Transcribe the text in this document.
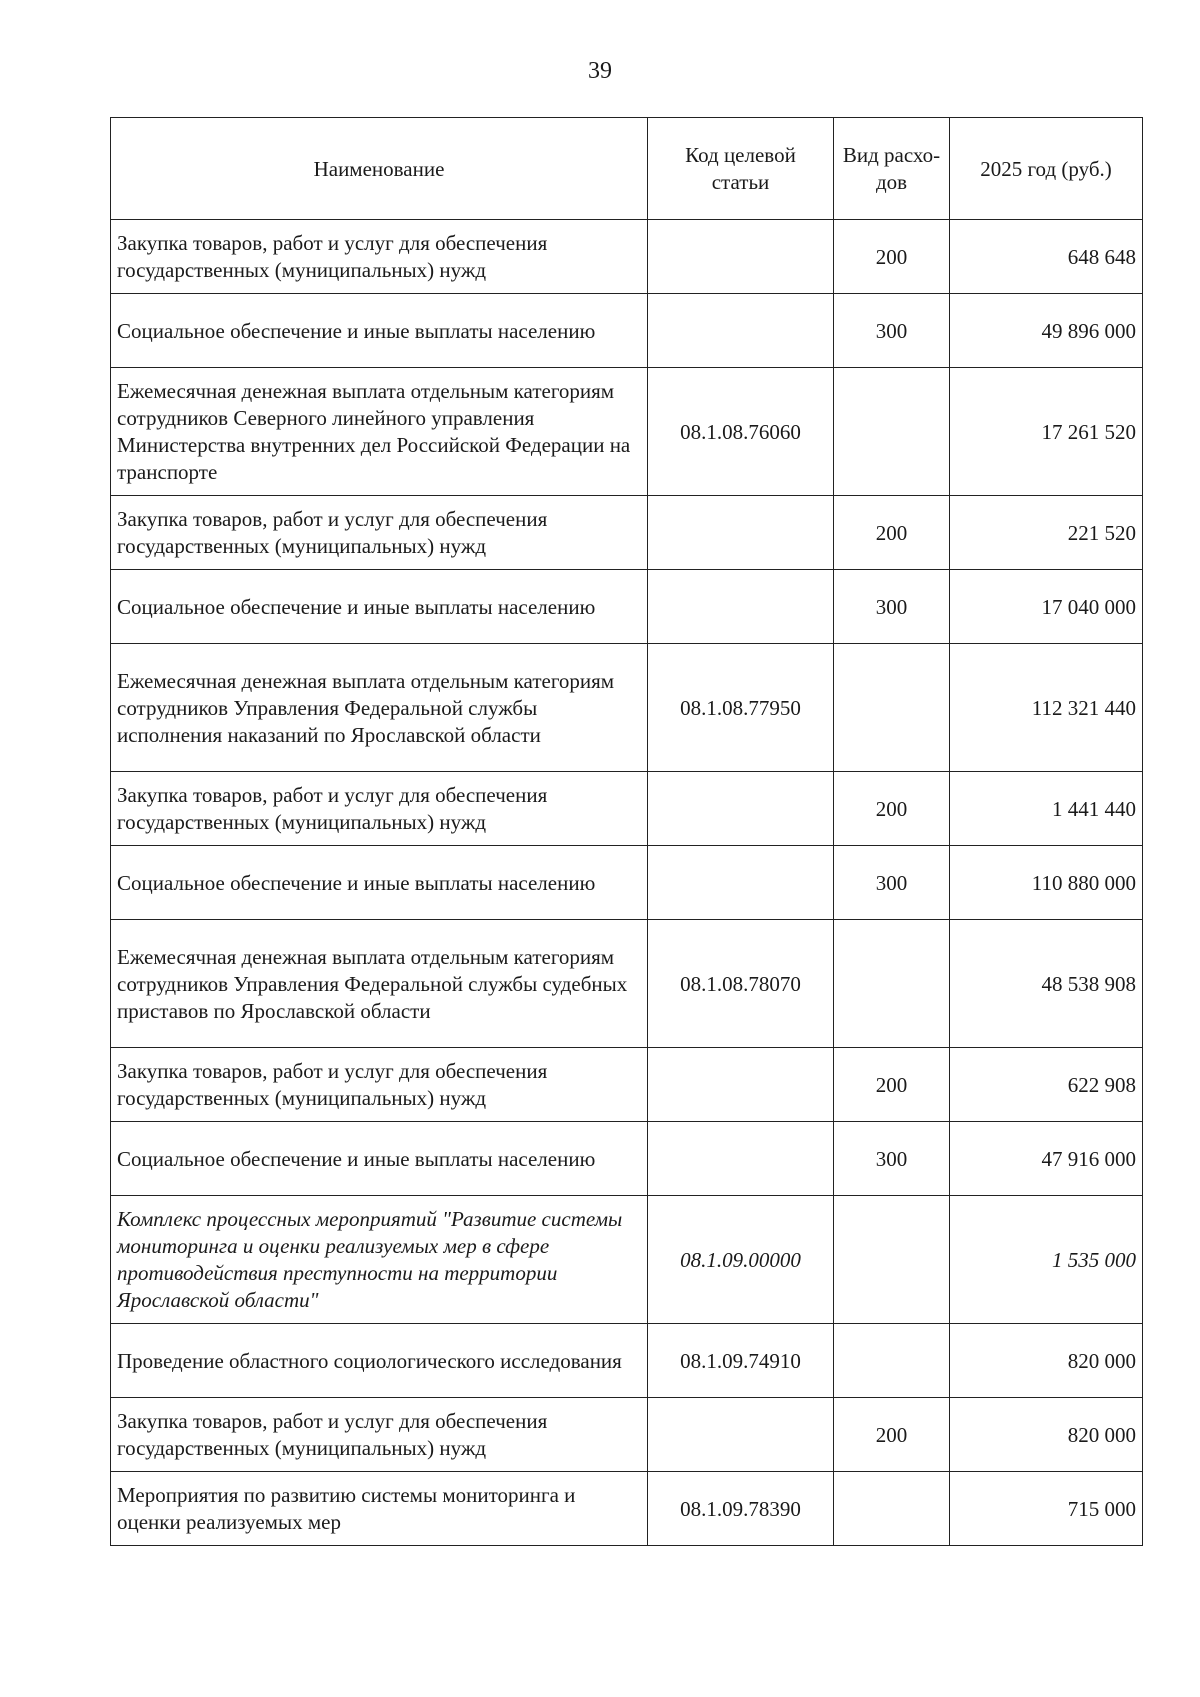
39
Наименование	Код целевой статьи	Вид расхо-дов	2025 год (руб.)
Закупка товаров, работ и услуг для обеспечения государственных (муниципальных) нужд		200	648 648
Социальное обеспечение и иные выплаты населению		300	49 896 000
Ежемесячная денежная выплата отдельным категориям сотрудников Северного линейного управления Министерства внутренних дел Российской Федерации на транспорте	08.1.08.76060		17 261 520
Закупка товаров, работ и услуг для обеспечения государственных (муниципальных) нужд		200	221 520
Социальное обеспечение и иные выплаты населению		300	17 040 000
Ежемесячная денежная выплата отдельным категориям сотрудников Управления Федеральной службы исполнения наказаний по Ярославской области	08.1.08.77950		112 321 440
Закупка товаров, работ и услуг для обеспечения государственных (муниципальных) нужд		200	1 441 440
Социальное обеспечение и иные выплаты населению		300	110 880 000
Ежемесячная денежная выплата отдельным категориям сотрудников Управления Федеральной службы судебных приставов по Ярославской области	08.1.08.78070		48 538 908
Закупка товаров, работ и услуг для обеспечения государственных (муниципальных) нужд		200	622 908
Социальное обеспечение и иные выплаты населению		300	47 916 000
Комплекс процессных мероприятий "Развитие системы мониторинга и оценки реализуемых мер в сфере противодействия преступности на территории Ярославской области"	08.1.09.00000		1 535 000
Проведение областного социологического исследования	08.1.09.74910		820 000
Закупка товаров, работ и услуг для обеспечения государственных (муниципальных) нужд		200	820 000
Мероприятия по развитию системы мониторинга и оценки реализуемых мер	08.1.09.78390		715 000
